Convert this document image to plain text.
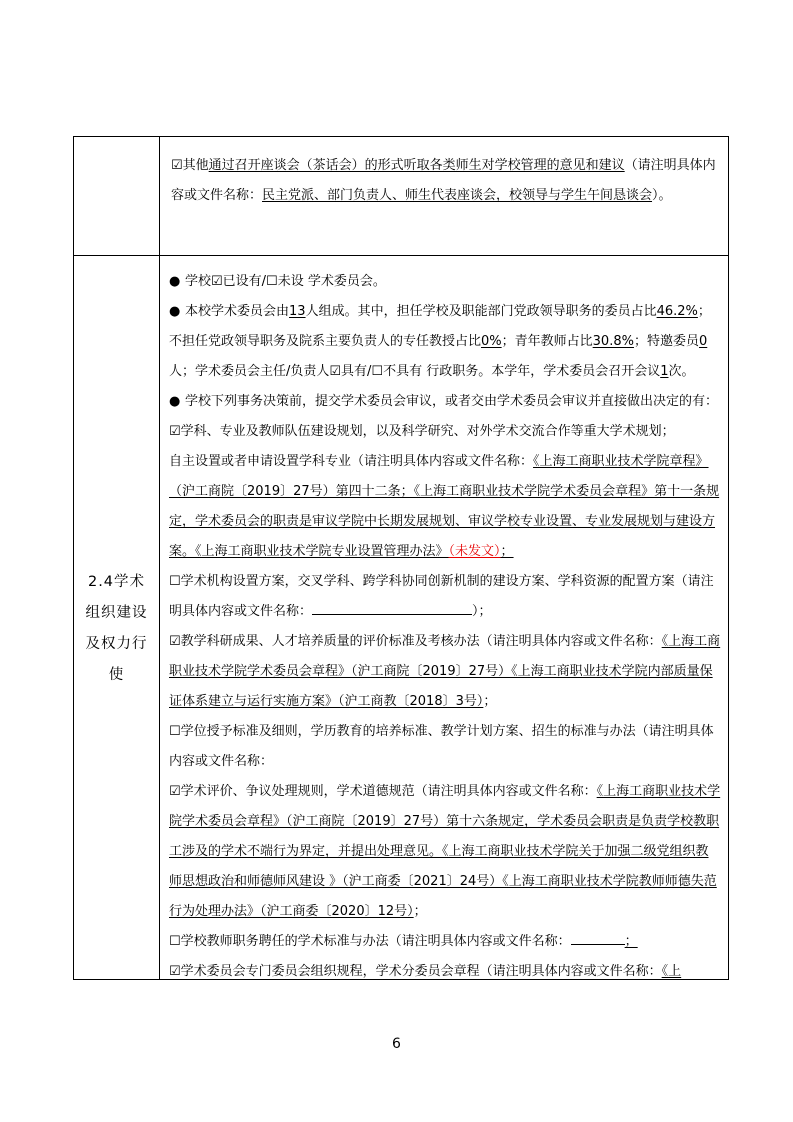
☑其他通过召开座谈会（茶话会）的形式听取各类师生对学校管理的意见和建议（请注明具体内容或文件名称：民主党派、部门负责人、师生代表座谈会，校领导与学生午间恳谈会）。

2.4学术
组织建设
及权力行
使

● 学校☑已设有/☐未设 学术委员会。

● 本校学术委员会由13人组成。其中，担任学校及职能部门党政领导职务的委员占比46.2%；不担任党政领导职务及院系主要负责人的专任教授占比0%；青年教师占比30.8%；特邀委员0人；学术委员会主任/负责人☑具有/☐不具有 行政职务。本学年，学术委员会召开会议1次。

● 学校下列事务决策前，提交学术委员会审议，或者交由学术委员会审议并直接做出决定的有：

☑学科、专业及教师队伍建设规划，以及科学研究、对外学术交流合作等重大学术规划；

自主设置或者申请设置学科专业（请注明具体内容或文件名称：《上海工商职业技术学院章程》（沪工商院〔2019〕27号）第四十二条；《上海工商职业技术学院学术委员会章程》第十一条规定，学术委员会的职责是审议学院中长期发展规划、审议学校专业设置、专业发展规划与建设方案。《上海工商职业技术学院专业设置管理办法》（未发文）；

☐学术机构设置方案，交叉学科、跨学科协同创新机制的建设方案、学科资源的配置方案（请注明具体内容或文件名称：	）；

☑教学科研成果、人才培养质量的评价标准及考核办法（请注明具体内容或文件名称：《上海工商职业技术学院学术委员会章程》（沪工商院〔2019〕27号）《上海工商职业技术学院内部质量保证体系建立与运行实施方案》（沪工商教〔2018〕3号）；

☐学位授予标准及细则，学历教育的培养标准、教学计划方案、招生的标准与办法（请注明具体内容或文件名称：

☑学术评价、争议处理规则，学术道德规范（请注明具体内容或文件名称：《上海工商职业技术学院学术委员会章程》（沪工商院〔2019〕27号）第十六条规定，学术委员会职责是负责学校教职工涉及的学术不端行为界定，并提出处理意见。《上海工商职业技术学院关于加强二级党组织教师思想政治和师德师风建设 》（沪工商委〔2021〕24号）《上海工商职业技术学院教师师德失范行为处理办法》（沪工商委〔2020〕12号）；

☐学校教师职务聘任的学术标准与办法（请注明具体内容或文件名称：	；

☑学术委员会专门委员会组织规程，学术分委员会章程（请注明具体内容或文件名称：《上

6
